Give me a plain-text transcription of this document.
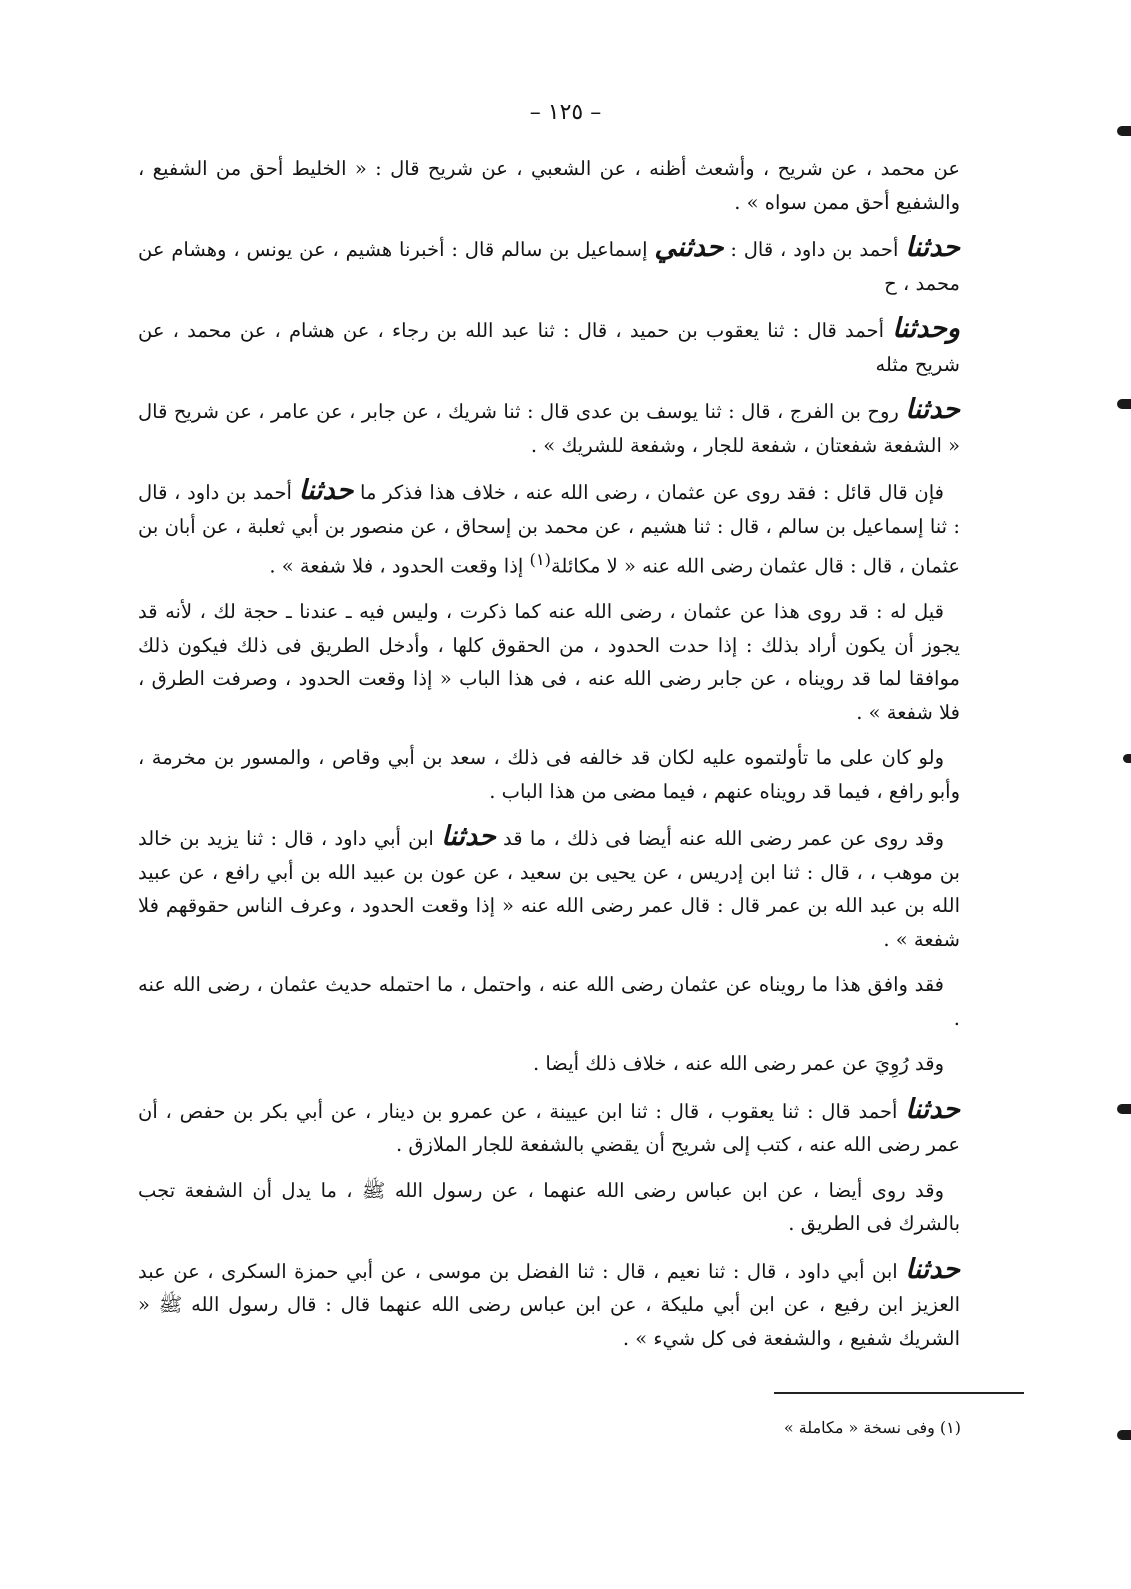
– ١٢٥ –

عن محمد ، عن شريح ، وأشعث أظنه ، عن الشعبي ، عن شريح قال : « الخليط أحق من الشفيع ، والشفيع أحق ممن سواه » .

حدثنا أحمد بن داود ، قال : حدثني إسماعيل بن سالم قال : أخبرنا هشيم ، عن يونس ، وهشام عن محمد ، ح

وحدثنا أحمد قال : ثنا يعقوب بن حميد ، قال : ثنا عبد الله بن رجاء ، عن هشام ، عن محمد ، عن شريح مثله

حدثنا روح بن الفرج ، قال : ثنا يوسف بن عدى قال : ثنا شريك ، عن جابر ، عن عامر ، عن شريح قال « الشفعة شفعتان ، شفعة للجار ، وشفعة للشريك » .

فإن قال قائل : فقد روى عن عثمان ، رضى الله عنه ، خلاف هذا فذكر ما حدثنا أحمد بن داود ، قال : ثنا إسماعيل بن سالم ، قال : ثنا هشيم ، عن محمد بن إسحاق ، عن منصور بن أبي ثعلبة ، عن أبان بن عثمان ، قال : قال عثمان رضى الله عنه « لا مكائلة$^{(١)}$ إذا وقعت الحدود ، فلا شفعة » .

قيل له : قد روى هذا عن عثمان ، رضى الله عنه كما ذكرت ، وليس فيه ـ عندنا ـ حجة لك ، لأنه قد يجوز أن يكون أراد بذلك : إذا حدت الحدود ، من الحقوق كلها ، وأدخل الطريق فى ذلك فيكون ذلك موافقا لما قد رويناه ، عن جابر رضى الله عنه ، فى هذا الباب « إذا وقعت الحدود ، وصرفت الطرق ، فلا شفعة » .

ولو كان على ما تأولتموه عليه لكان قد خالفه فى ذلك ، سعد بن أبي وقاص ، والمسور بن مخرمة ، وأبو رافع ، فيما قد رويناه عنهم ، فيما مضى من هذا الباب .

وقد روى عن عمر رضى الله عنه أيضا فى ذلك ، ما قد حدثنا ابن أبي داود ، قال : ثنا يزيد بن خالد بن موهب ، ، قال : ثنا ابن إدريس ، عن يحيى بن سعيد ، عن عون بن عبيد الله بن أبي رافع ، عن عبيد الله بن عبد الله بن عمر قال : قال عمر رضى الله عنه « إذا وقعت الحدود ، وعرف الناس حقوقهم فلا شفعة » .

فقد وافق هذا ما رويناه عن عثمان رضى الله عنه ، واحتمل ، ما احتمله حديث عثمان ، رضى الله عنه .

وقد رُوِيَ عن عمر رضى الله عنه ، خلاف ذلك أيضا .

حدثنا أحمد قال : ثنا يعقوب ، قال : ثنا ابن عيينة ، عن عمرو بن دينار ، عن أبي بكر بن حفص ، أن عمر رضى الله عنه ، كتب إلى شريح أن يقضي بالشفعة للجار الملازق .

وقد روى أيضا ، عن ابن عباس رضى الله عنهما ، عن رسول الله ﷺ ، ما يدل أن الشفعة تجب بالشرك فى الطريق .

حدثنا ابن أبي داود ، قال : ثنا نعيم ، قال : ثنا الفضل بن موسى ، عن أبي حمزة السكرى ، عن عبد العزيز ابن رفيع ، عن ابن أبي مليكة ، عن ابن عباس رضى الله عنهما قال : قال رسول الله ﷺ « الشريك شفيع ، والشفعة فى كل شيء » .

(١) وفى نسخة « مكاملة »
